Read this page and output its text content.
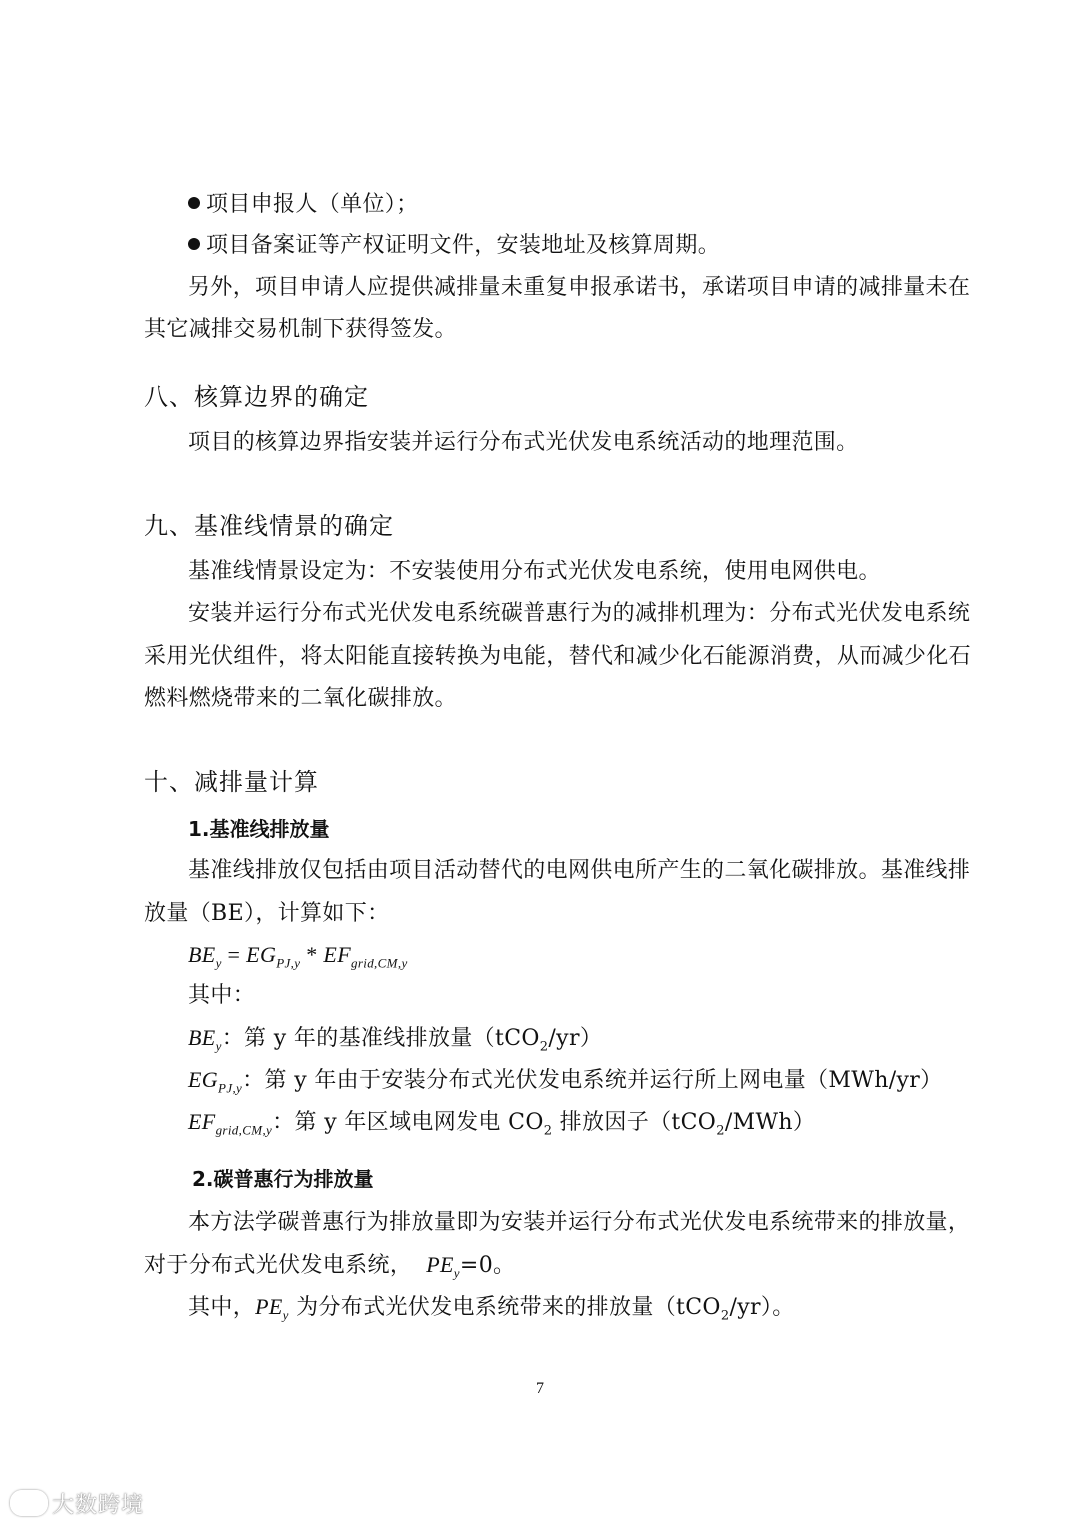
项目申报人（单位）；
项目备案证等产权证明文件，安装地址及核算周期。
另外，项目申请人应提供减排量未重复申报承诺书，承诺项目申请的减排量未在
其它减排交易机制下获得签发。
八、核算边界的确定
项目的核算边界指安装并运行分布式光伏发电系统活动的地理范围。
九、基准线情景的确定
基准线情景设定为：不安装使用分布式光伏发电系统，使用电网供电。
安装并运行分布式光伏发电系统碳普惠行为的减排机理为：分布式光伏发电系统
采用光伏组件，将太阳能直接转换为电能，替代和减少化石能源消费，从而减少化石
燃料燃烧带来的二氧化碳排放。
十、减排量计算
1.基准线排放量
基准线排放仅包括由项目活动替代的电网供电所产生的二氧化碳排放。基准线排
放量（BE），计算如下：
$BE_y = EG_{PJ,y} * EF_{grid,CM,y}$
其中：
$BE_y$：第 y 年的基准线排放量（tCO$_2$/yr）
$EG_{PJ,y}$：第 y 年由于安装分布式光伏发电系统并运行所上网电量（MWh/yr）
$EF_{grid,CM,y}$：第 y 年区域电网发电 $CO_2$ 排放因子（tCO$_2$/MWh）
2.碳普惠行为排放量
本方法学碳普惠行为排放量即为安装并运行分布式光伏发电系统带来的排放量，
对于分布式光伏发电系统， $PE_y=0$。
其中，$PE_y$ 为分布式光伏发电系统带来的排放量（tCO$_2$/yr）。
7
大数跨境
